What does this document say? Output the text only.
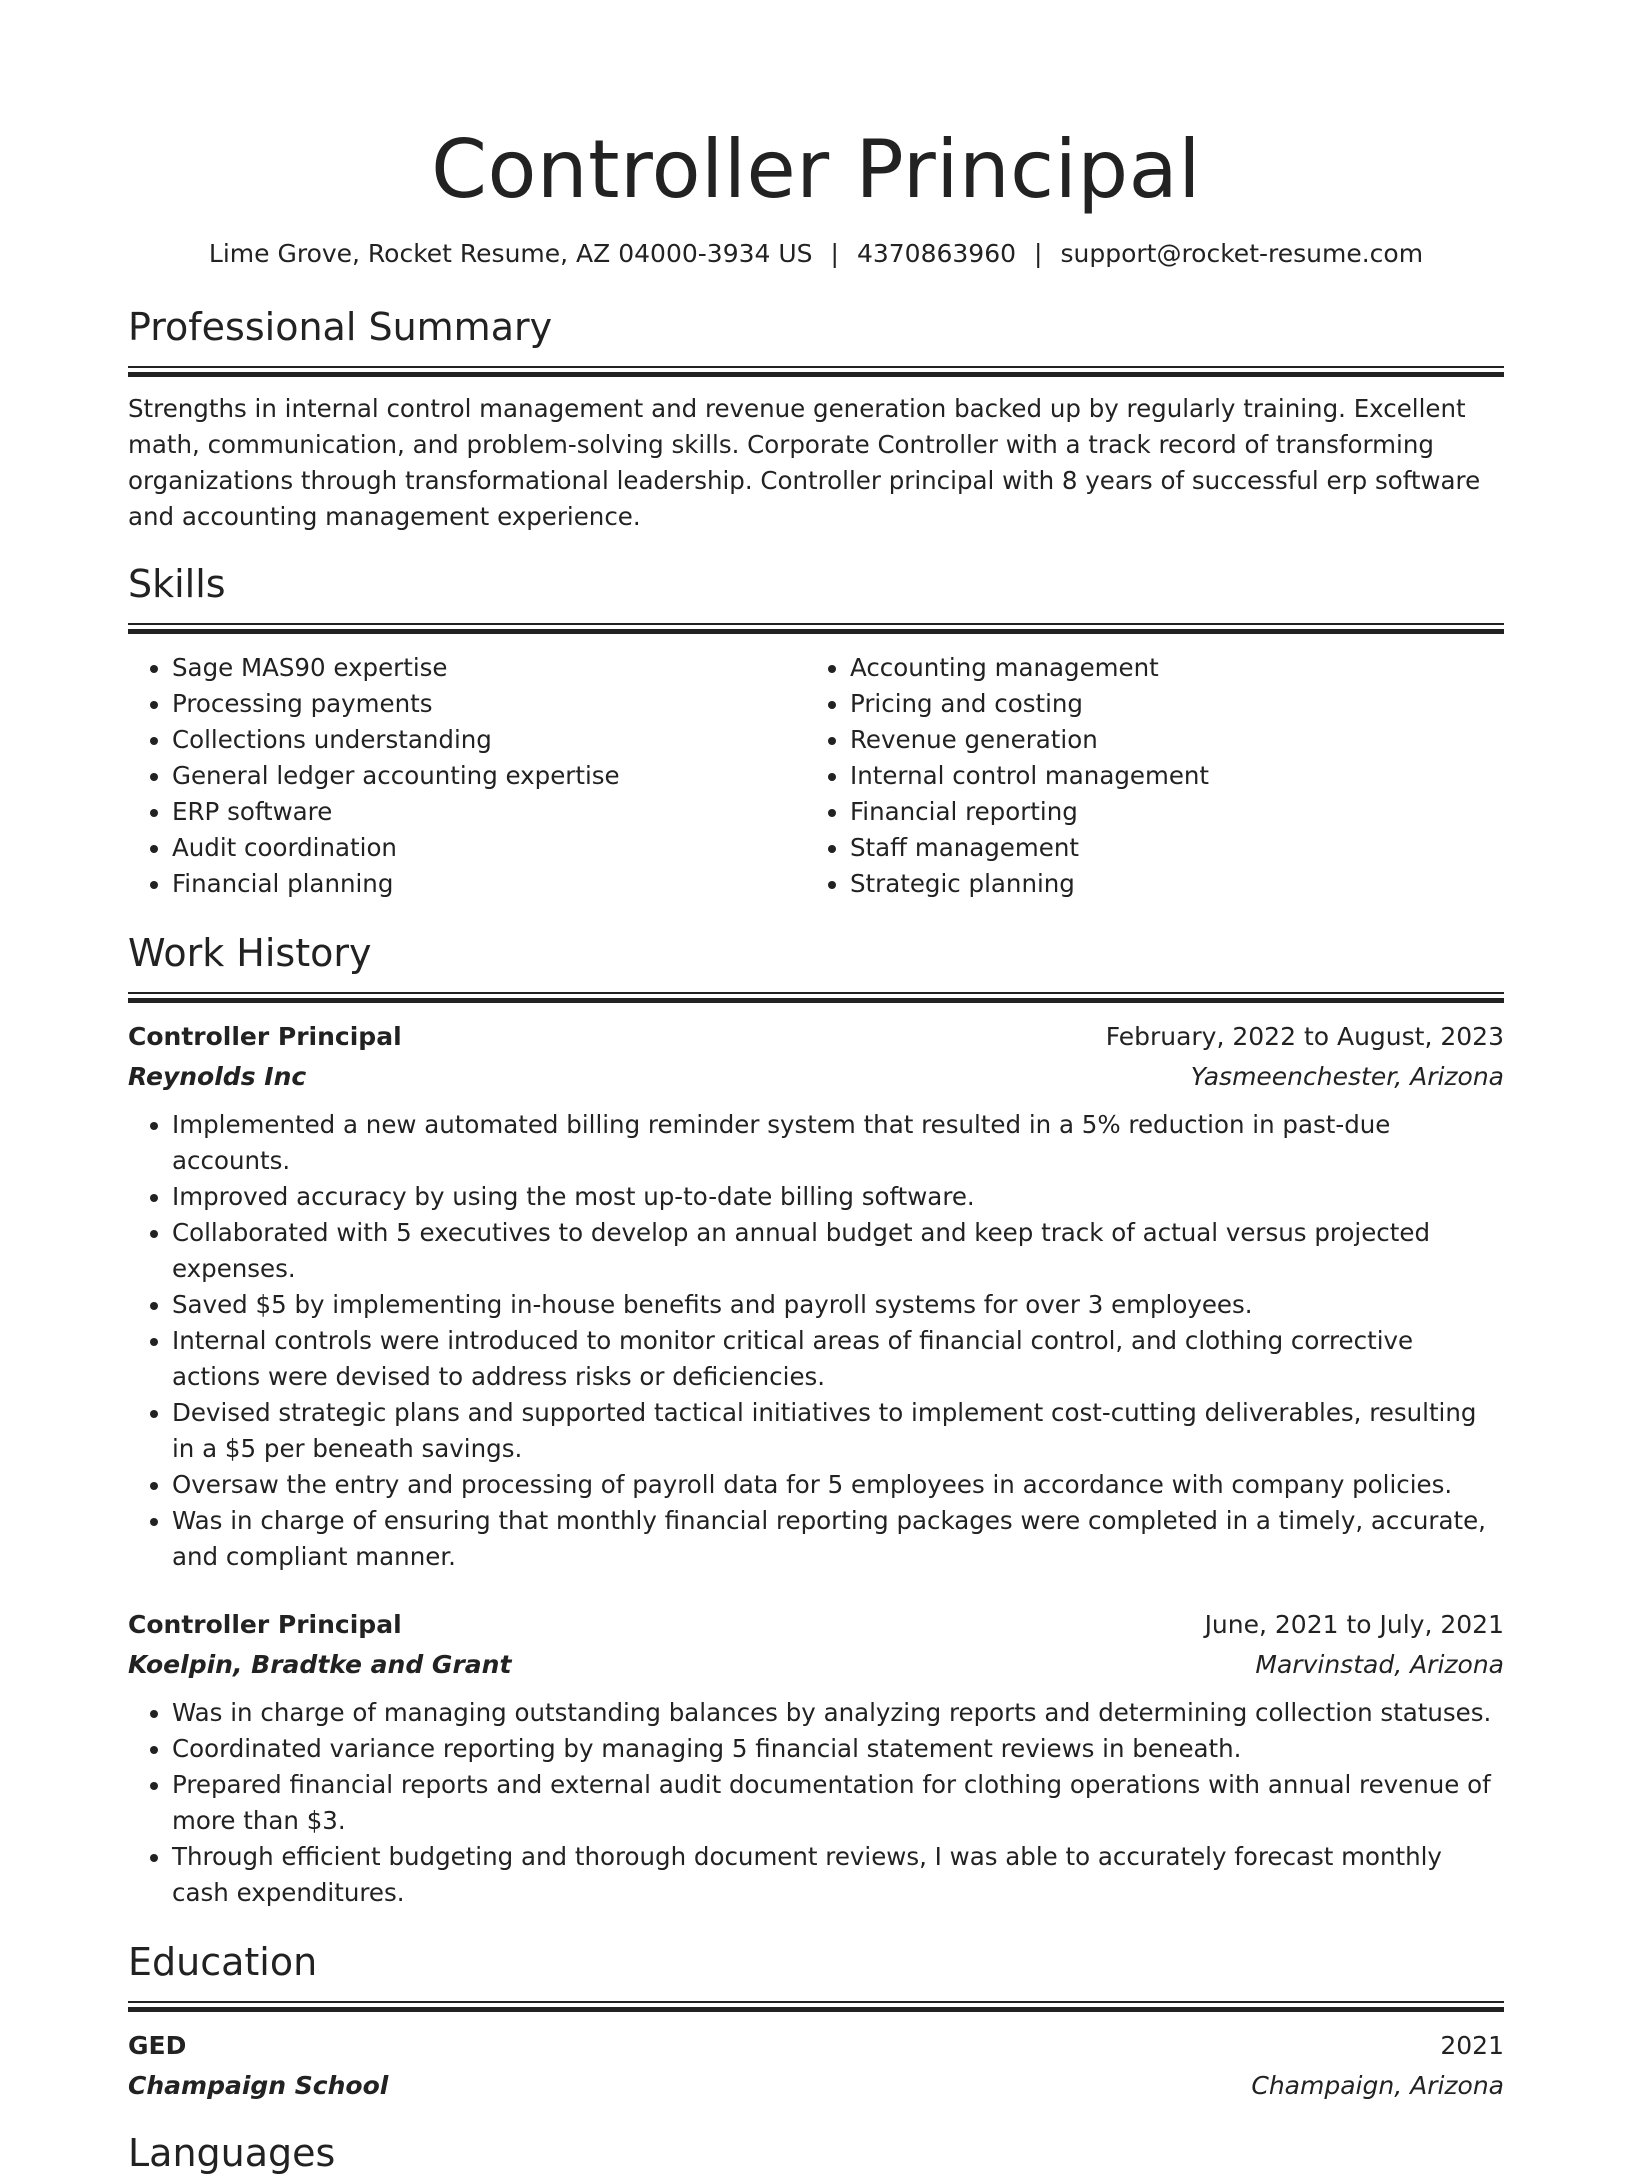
Controller Principal
Lime Grove, Rocket Resume, AZ 04000-3934 US | 4370863960 | support@rocket-resume.com
Professional Summary
Strengths in internal control management and revenue generation backed up by regularly training. Excellent math, communication, and problem-solving skills. Corporate Controller with a track record of transforming organizations through transformational leadership. Controller principal with 8 years of successful erp software and accounting management experience.
Skills
• Sage MAS90 expertise
• Processing payments
• Collections understanding
• General ledger accounting expertise
• ERP software
• Audit coordination
• Financial planning
• Accounting management
• Pricing and costing
• Revenue generation
• Internal control management
• Financial reporting
• Staff management
• Strategic planning
Work History
Controller Principal	February, 2022 to August, 2023
Reynolds Inc	Yasmeenchester, Arizona
• Implemented a new automated billing reminder system that resulted in a 5% reduction in past-due accounts.
• Improved accuracy by using the most up-to-date billing software.
• Collaborated with 5 executives to develop an annual budget and keep track of actual versus projected expenses.
• Saved $5 by implementing in-house benefits and payroll systems for over 3 employees.
• Internal controls were introduced to monitor critical areas of financial control, and clothing corrective actions were devised to address risks or deficiencies.
• Devised strategic plans and supported tactical initiatives to implement cost-cutting deliverables, resulting in a $5 per beneath savings.
• Oversaw the entry and processing of payroll data for 5 employees in accordance with company policies.
• Was in charge of ensuring that monthly financial reporting packages were completed in a timely, accurate, and compliant manner.
Controller Principal	June, 2021 to July, 2021
Koelpin, Bradtke and Grant	Marvinstad, Arizona
• Was in charge of managing outstanding balances by analyzing reports and determining collection statuses.
• Coordinated variance reporting by managing 5 financial statement reviews in beneath.
• Prepared financial reports and external audit documentation for clothing operations with annual revenue of more than $3.
• Through efficient budgeting and thorough document reviews, I was able to accurately forecast monthly cash expenditures.
Education
GED	2021
Champaign School	Champaign, Arizona
Languages
